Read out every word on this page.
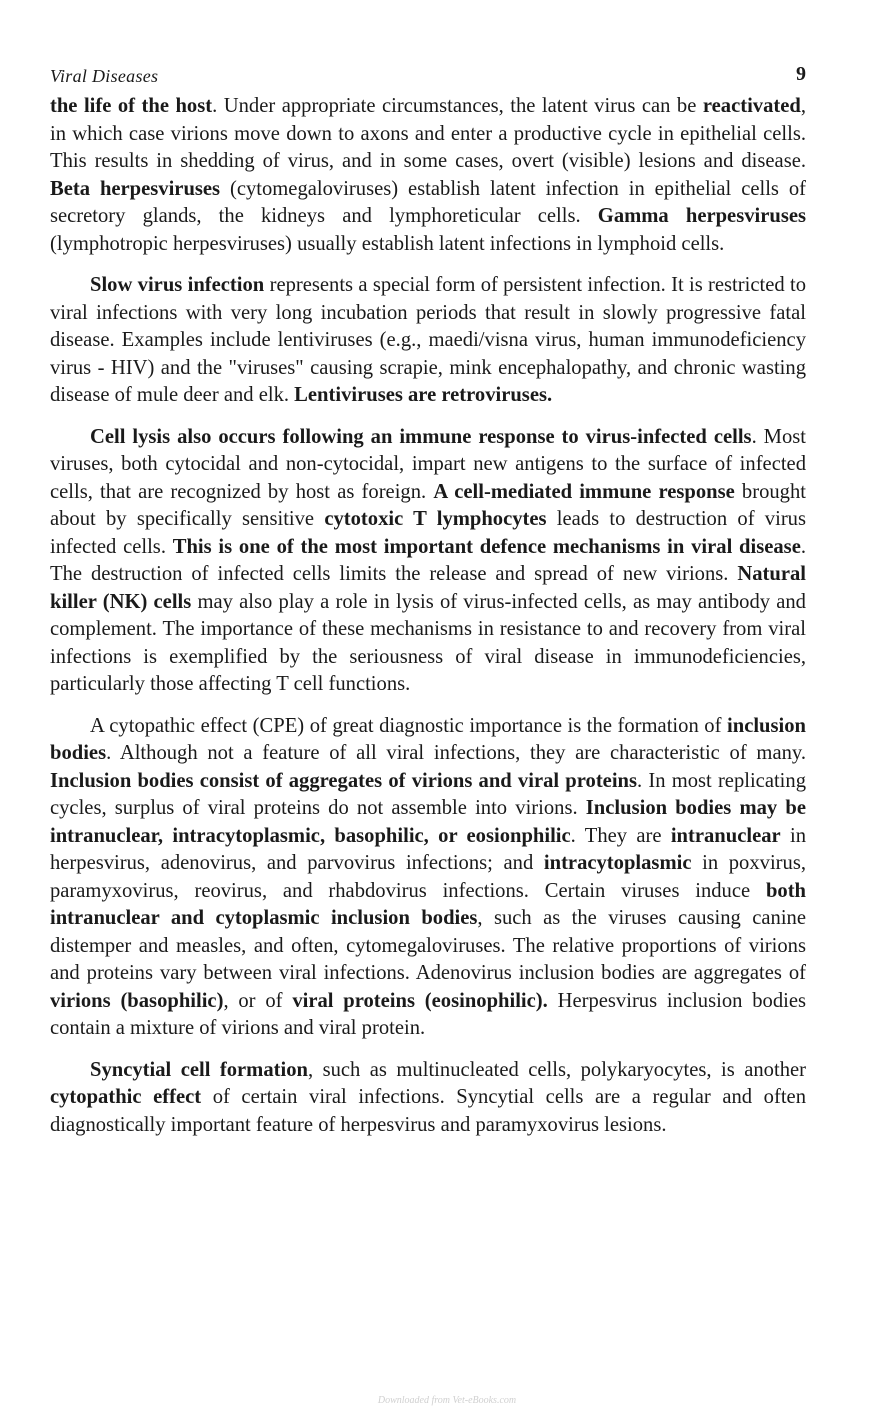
Viral Diseases	9

the life of the host. Under appropriate circumstances, the latent virus can be reactivated, in which case virions move down to axons and enter a productive cycle in epithelial cells. This results in shedding of virus, and in some cases, overt (visible) lesions and disease. Beta herpesviruses (cytomegaloviruses) establish latent infection in epithelial cells of secretory glands, the kidneys and lymphoreticular cells. Gamma herpesviruses (lymphotropic herpesviruses) usually establish latent infections in lymphoid cells.

Slow virus infection represents a special form of persistent infection. It is restricted to viral infections with very long incubation periods that result in slowly progressive fatal disease. Examples include lentiviruses (e.g., maedi/visna virus, human immunodeficiency virus - HIV) and the "viruses" causing scrapie, mink encephalopathy, and chronic wasting disease of mule deer and elk. Lentiviruses are retroviruses.

Cell lysis also occurs following an immune response to virus-infected cells. Most viruses, both cytocidal and non-cytocidal, impart new antigens to the surface of infected cells, that are recognized by host as foreign. A cell-mediated immune response brought about by specifically sensitive cytotoxic T lymphocytes leads to destruction of virus infected cells. This is one of the most important defence mechanisms in viral disease. The destruction of infected cells limits the release and spread of new virions. Natural killer (NK) cells may also play a role in lysis of virus-infected cells, as may antibody and complement. The importance of these mechanisms in resistance to and recovery from viral infections is exemplified by the seriousness of viral disease in immunodeficiencies, particularly those affecting T cell functions.

A cytopathic effect (CPE) of great diagnostic importance is the formation of inclusion bodies. Although not a feature of all viral infections, they are characteristic of many. Inclusion bodies consist of aggregates of virions and viral proteins. In most replicating cycles, surplus of viral proteins do not assemble into virions. Inclusion bodies may be intranuclear, intracytoplasmic, basophilic, or eosionphilic. They are intranuclear in herpesvirus, adenovirus, and parvovirus infections; and intracytoplasmic in poxvirus, paramyxovirus, reovirus, and rhabdovirus infections. Certain viruses induce both intranuclear and cytoplasmic inclusion bodies, such as the viruses causing canine distemper and measles, and often, cytomegaloviruses. The relative proportions of virions and proteins vary between viral infections. Adenovirus inclusion bodies are aggregates of virions (basophilic), or of viral proteins (eosinophilic). Herpesvirus inclusion bodies contain a mixture of virions and viral protein.

Syncytial cell formation, such as multinucleated cells, polykaryocytes, is another cytopathic effect of certain viral infections. Syncytial cells are a regular and often diagnostically important feature of herpesvirus and paramyxovirus lesions.

Downloaded from Vet-eBooks.com
